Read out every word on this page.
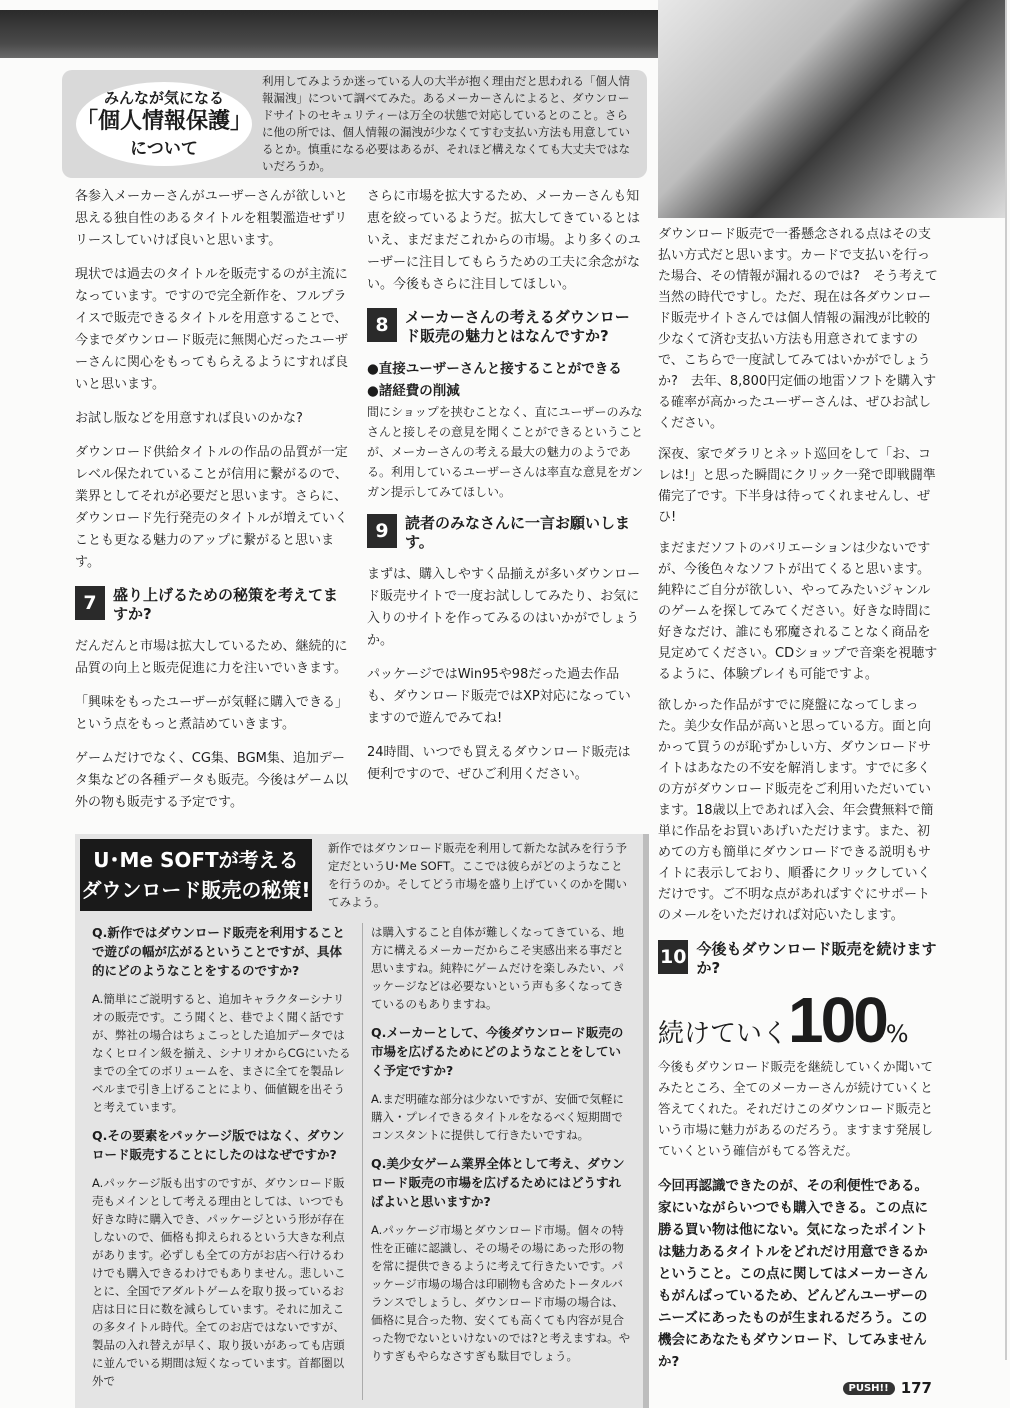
みんなが気になる
「個人情報保護」
について
利用してみようか迷っている人の大半が抱く理由だと思われる「個人情報漏洩」について調べてみた。あるメーカーさんによると、ダウンロードサイトのセキュリティーは万全の状態で対応しているとのこと。さらに他の所では、個人情報の漏洩が少なくてすむ支払い方法も用意しているとか。慎重になる必要はあるが、それほど構えなくても大丈夫ではないだろうか。

各参入メーカーさんがユーザーさんが欲しいと思える独自性のあるタイトルを粗製濫造せずリリースしていけば良いと思います。

現状では過去のタイトルを販売するのが主流になっています。ですので完全新作を、フルプライスで販売できるタイトルを用意することで、今までダウンロード販売に無関心だったユーザーさんに関心をもってもらえるようにすれば良いと思います。

お試し版などを用意すれば良いのかな?

ダウンロード供給タイトルの作品の品質が一定レベル保たれていることが信用に繋がるので、業界としてそれが必要だと思います。さらに、ダウンロード先行発売のタイトルが増えていくことも更なる魅力のアップに繋がると思います。

7	盛り上げるための秘策を考えてますか?

だんだんと市場は拡大しているため、継続的に品質の向上と販売促進に力を注いでいきます。

「興味をもったユーザーが気軽に購入できる」という点をもっと煮詰めていきます。

ゲームだけでなく、CG集、BGM集、追加データ集などの各種データも販売。今後はゲーム以外の物も販売する予定です。

さらに市場を拡大するため、メーカーさんも知恵を絞っているようだ。拡大してきているとはいえ、まだまだこれからの市場。より多くのユーザーに注目してもらうための工夫に余念がない。今後もさらに注目してほしい。

8	メーカーさんの考えるダウンロード販売の魅力とはなんですか?
●直接ユーザーさんと接することができる
●諸経費の削減

間にショップを挟むことなく、直にユーザーのみなさんと接しその意見を聞くことができるということが、メーカーさんの考える最大の魅力のようである。利用しているユーザーさんは率直な意見をガンガン提示してみてほしい。

9	読者のみなさんに一言お願いします。

まずは、購入しやすく品揃えが多いダウンロード販売サイトで一度お試ししてみたり、お気に入りのサイトを作ってみるのはいかがでしょうか。

パッケージではWin95や98だった過去作品も、ダウンロード販売ではXP対応になっていますので遊んでみてね!

24時間、いつでも買えるダウンロード販売は便利ですので、ぜひご利用ください。

U･Me SOFTが考える
ダウンロード販売の秘策!
新作ではダウンロード販売を利用して新たな試みを行う予定だというU･Me SOFT。ここでは彼らがどのようなことを行うのか。そしてどう市場を盛り上げていくのかを聞いてみよう。

Q.新作ではダウンロード販売を利用することで遊びの幅が広がるということですが、具体的にどのようなことをするのですか?

A.簡単にご説明すると、追加キャラクターシナリオの販売です。こう聞くと、巷でよく聞く話ですが、弊社の場合はちょこっとした追加データではなくヒロイン級を揃え、シナリオからCGにいたるまでの全てのボリュームを、まさに全てを製品レベルまで引き上げることにより、価値観を出そうと考えています。

Q.その要素をパッケージ版ではなく、ダウンロード販売することにしたのはなぜですか?

A.パッケージ版も出すのですが、ダウンロード販売もメインとして考える理由としては、いつでも好きな時に購入でき、パッケージという形が存在しないので、価格も抑えられるという大きな利点があります。必ずしも全ての方がお店へ行けるわけでも購入できるわけでもありません。悲しいことに、全国でアダルトゲームを取り扱っているお店は日に日に数を減らしています。それに加えこの多タイトル時代。全てのお店ではないですが、製品の入れ替えが早く、取り扱いがあっても店頭に並んでいる期間は短くなっています。首都圏以外で

は購入すること自体が難しくなってきている、地方に構えるメーカーだからこそ実感出来る事だと思いますね。純粋にゲームだけを楽しみたい、パッケージなどは必要ないという声も多くなってきているのもありますね。

Q.メーカーとして、今後ダウンロード販売の市場を広げるためにどのようなことをしていく予定ですか?

A.まだ明確な部分は少ないですが、安価で気軽に購入・プレイできるタイトルをなるべく短期間でコンスタントに提供して行きたいですね。

Q.美少女ゲーム業界全体として考え、ダウンロード販売の市場を広げるためにはどうすればよいと思いますか?

A.パッケージ市場とダウンロード市場。個々の特性を正確に認識し、その場その場にあった形の物を常に提供できるように考えて行きたいです。パッケージ市場の場合は印刷物も含めたトータルバランスでしょうし、ダウンロード市場の場合は、価格に見合った物、安くても高くても内容が見合った物でないといけないのでは?と考えますね。やりすぎもやらなさすぎも駄目でしょう。

ダウンロード販売で一番懸念される点はその支払い方式だと思います。カードで支払いを行った場合、その情報が漏れるのでは?　そう考えて当然の時代ですし。ただ、現在は各ダウンロード販売サイトさんでは個人情報の漏洩が比較的少なくて済む支払い方法も用意されてますので、こちらで一度試してみてはいかがでしょうか?　去年、8,800円定価の地雷ソフトを購入する確率が高かったユーザーさんは、ぜひお試しください。

深夜、家でダラリとネット巡回をして「お、コレは!」と思った瞬間にクリック一発で即戦闘準備完了です。下半身は待ってくれませんし、ぜひ!

まだまだソフトのバリエーションは少ないですが、今後色々なソフトが出てくると思います。純粋にご自分が欲しい、やってみたいジャンルのゲームを探してみてください。好きな時間に好きなだけ、誰にも邪魔されることなく商品を見定めてください。CDショップで音楽を視聴するように、体験プレイも可能ですよ。

欲しかった作品がすでに廃盤になってしまった。美少女作品が高いと思っている方。面と向かって買うのが恥ずかしい方、ダウンロードサイトはあなたの不安を解消します。すでに多くの方がダウンロード販売をご利用いただいています。18歳以上であれば入会、年会費無料で簡単に作品をお買いあげいただけます。また、初めての方も簡単にダウンロードできる説明もサイトに表示しており、順番にクリックしていくだけです。ご不明な点があればすぐにサポートのメールをいただければ対応いたします。

10 今後もダウンロード販売を続けますか?
続けていく 100 %

今後もダウンロード販売を継続していくか聞いてみたところ、全てのメーカーさんが続けていくと答えてくれた。それだけこのダウンロード販売という市場に魅力があるのだろう。ますます発展していくという確信がもてる答えだ。

今回再認識できたのが、その利便性である。家にいながらいつでも購入できる。この点に勝る買い物は他にない。気になったポイントは魅力あるタイトルをどれだけ用意できるかということ。この点に関してはメーカーさんもがんばっているため、どんどんユーザーのニーズにあったものが生まれるだろう。この機会にあなたもダウンロード、してみませんか?

PUSH!! 177
